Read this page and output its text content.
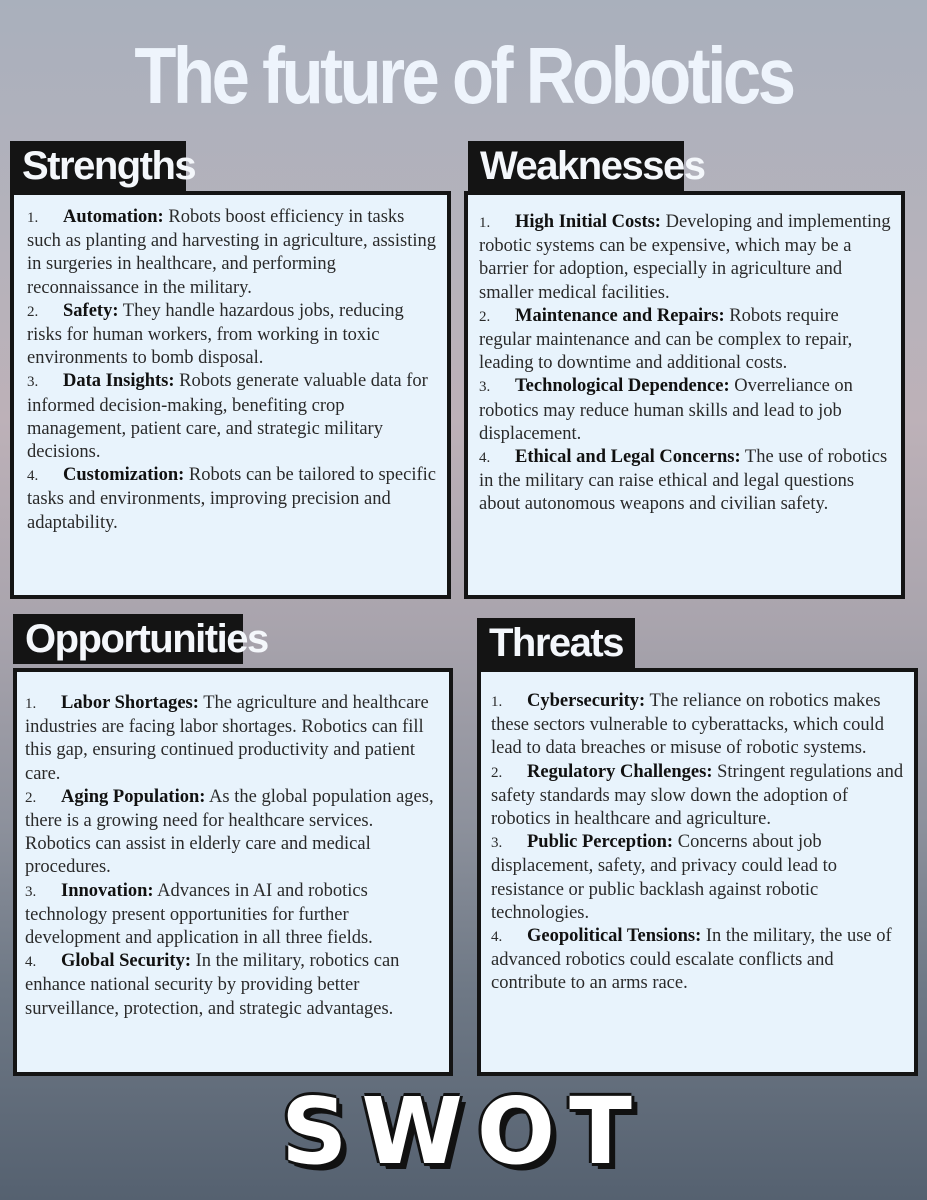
The future of Robotics
Strengths
1. Automation: Robots boost efficiency in tasks such as planting and harvesting in agriculture, assisting in surgeries in healthcare, and performing reconnaissance in the military.
2. Safety: They handle hazardous jobs, reducing risks for human workers, from working in toxic environments to bomb disposal.
3. Data Insights: Robots generate valuable data for informed decision-making, benefiting crop management, patient care, and strategic military decisions.
4. Customization: Robots can be tailored to specific tasks and environments, improving precision and adaptability.
Weaknesses
1. High Initial Costs: Developing and implementing robotic systems can be expensive, which may be a barrier for adoption, especially in agriculture and smaller medical facilities.
2. Maintenance and Repairs: Robots require regular maintenance and can be complex to repair, leading to downtime and additional costs.
3. Technological Dependence: Overreliance on robotics may reduce human skills and lead to job displacement.
4. Ethical and Legal Concerns: The use of robotics in the military can raise ethical and legal questions about autonomous weapons and civilian safety.
Opportunities
1. Labor Shortages: The agriculture and healthcare industries are facing labor shortages. Robotics can fill this gap, ensuring continued productivity and patient care.
2. Aging Population: As the global population ages, there is a growing need for healthcare services. Robotics can assist in elderly care and medical procedures.
3. Innovation: Advances in AI and robotics technology present opportunities for further development and application in all three fields.
4. Global Security: In the military, robotics can enhance national security by providing better surveillance, protection, and strategic advantages.
Threats
1. Cybersecurity: The reliance on robotics makes these sectors vulnerable to cyberattacks, which could lead to data breaches or misuse of robotic systems.
2. Regulatory Challenges: Stringent regulations and safety standards may slow down the adoption of robotics in healthcare and agriculture.
3. Public Perception: Concerns about job displacement, safety, and privacy could lead to resistance or public backlash against robotic technologies.
4. Geopolitical Tensions: In the military, the use of advanced robotics could escalate conflicts and contribute to an arms race.
SWOT
